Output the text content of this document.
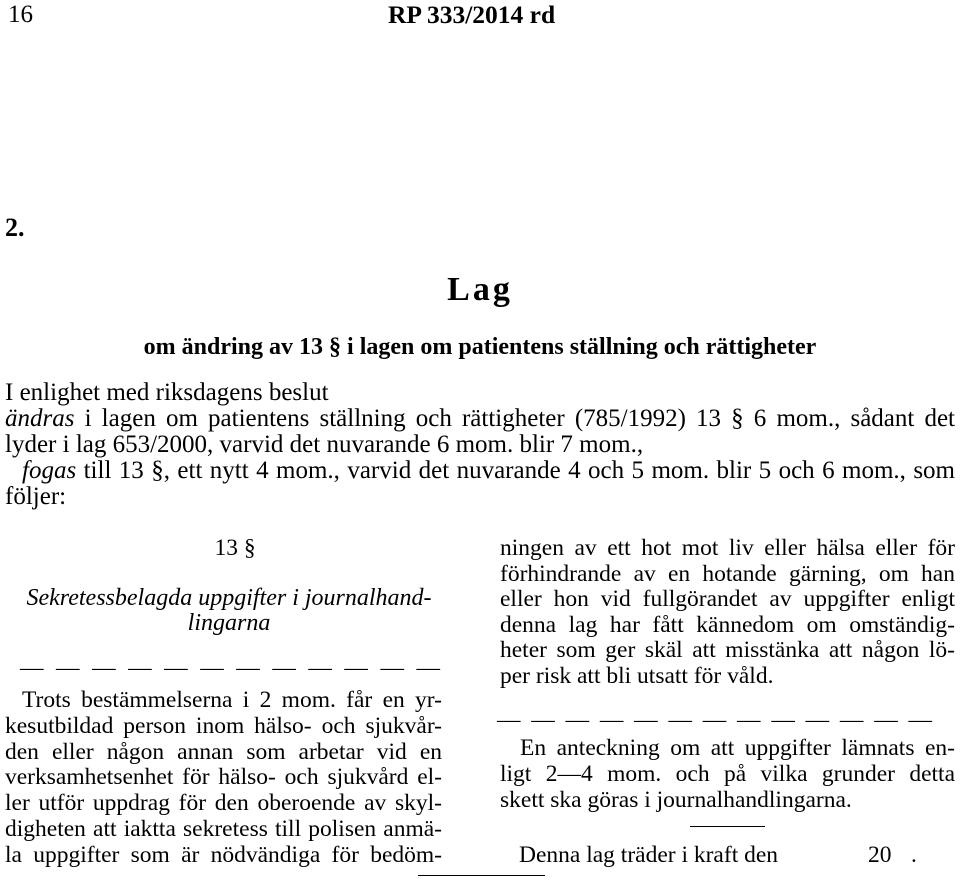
16	RP 333/2014 rd
2.
Lag
om ändring av 13 § i lagen om patientens ställning och rättigheter
I enlighet med riksdagens beslut
ändras i lagen om patientens ställning och rättigheter (785/1992) 13 § 6 mom., sådant det
lyder i lag 653/2000, varvid det nuvarande 6 mom. blir 7 mom.,
fogas till 13 §, ett nytt 4 mom., varvid det nuvarande 4 och 5 mom. blir 5 och 6 mom., som
följer:
13 §
Sekretessbelagda uppgifter i journalhand-
lingarna
— — — — — — — — — — — —
Trots bestämmelserna i 2 mom. får en yr-
kesutbildad person inom hälso- och sjukvår-
den eller någon annan som arbetar vid en
verksamhetsenhet för hälso- och sjukvård el-
ler utför uppdrag för den oberoende av skyl-
digheten att iaktta sekretess till polisen anmä-
la uppgifter som är nödvändiga för bedöm-
ningen av ett hot mot liv eller hälsa eller för
förhindrande av en hotande gärning, om han
eller hon vid fullgörandet av uppgifter enligt
denna lag har fått kännedom om omständig-
heter som ger skäl att misstänka att någon lö-
per risk att bli utsatt för våld.
— — — — — — — — — — — — —
En anteckning om att uppgifter lämnats en-
ligt 2—4 mom. och på vilka grunder detta
skett ska göras i journalhandlingarna.
Denna lag träder i kraft den	20 .
